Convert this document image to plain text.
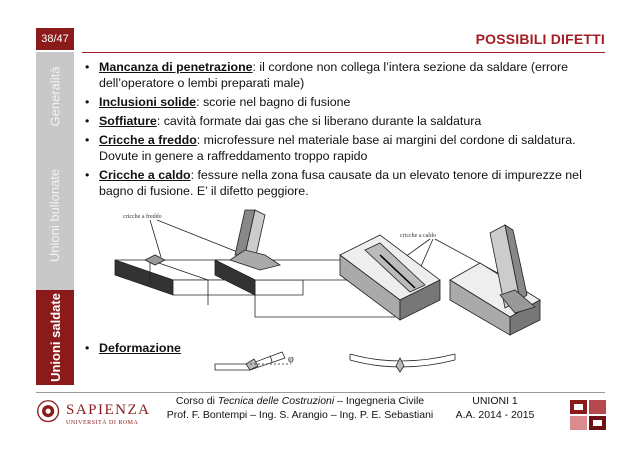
38/47	POSSIBILI DIFETTI
Generalità
Unioni bullonate
Unioni saldate
• Mancanza di penetrazione: il cordone non collega l’intera sezione da saldare (errore dell’operatore o lembi preparati male)
• Inclusioni solide: scorie nel bagno di fusione
• Soffiature: cavità formate dai gas che si liberano durante la saldatura
• Cricche a freddo: microfessure nel materiale base ai margini del cordone di saldatura. Dovute in genere a raffreddamento troppo rapido
• Cricche a caldo: fessure nella zona fusa causate da un elevato tenore di impurezze nel bagno di fusione. E’ il difetto peggiore.
cricche a freddo
cricche a caldo
• Deformazione
φ
SAPIENZA
UNIVERSITÀ DI ROMA
Corso di Tecnica delle Costruzioni – Ingegneria Civile
Prof. F. Bontempi – Ing. S. Arangio – Ing. P. E. Sebastiani
UNIONI 1
A.A. 2014 - 2015
